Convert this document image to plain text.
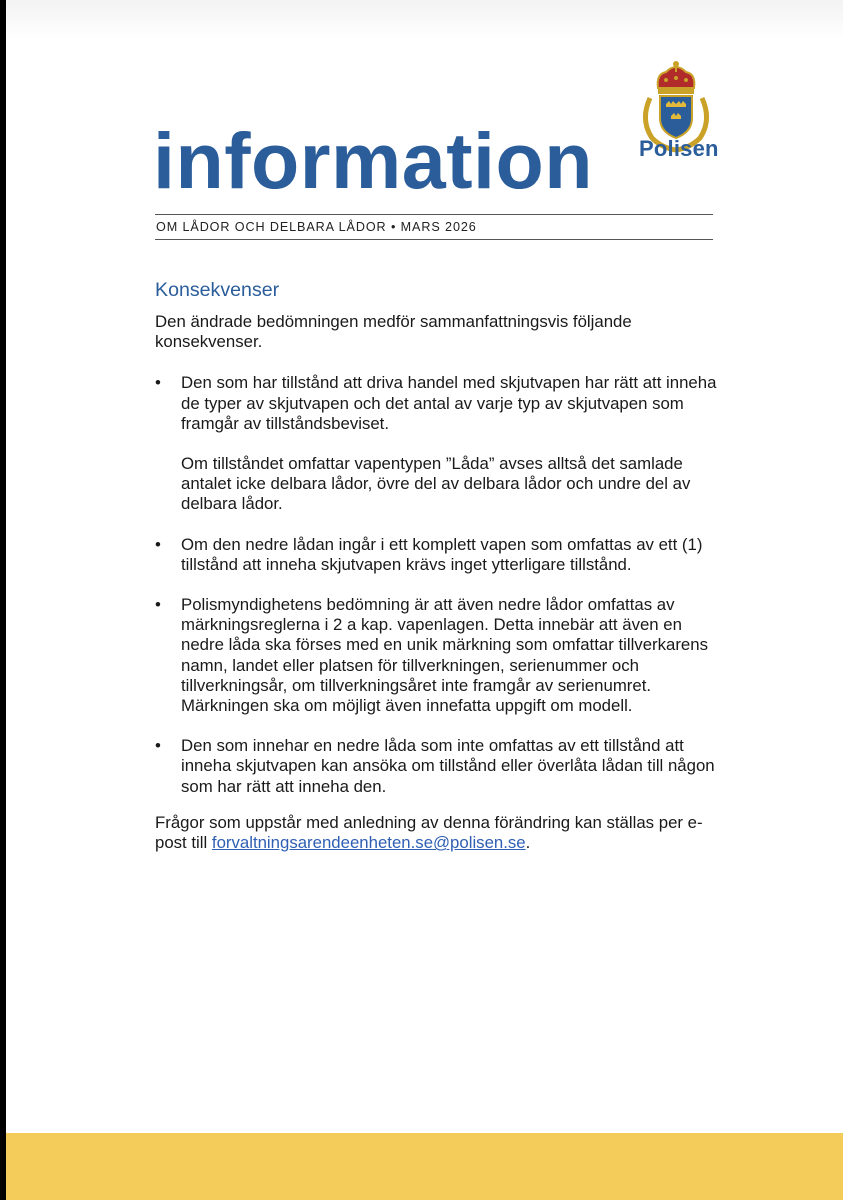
information Polisen
OM LÅDOR OCH DELBARA LÅDOR • MARS 2026
Konsekvenser

Den ändrade bedömningen medför sammanfattningsvis följande konsekvenser.

• Den som har tillstånd att driva handel med skjutvapen har rätt att inneha de typer av skjutvapen och det antal av varje typ av skjutvapen som framgår av tillståndsbeviset.

Om tillståndet omfattar vapentypen ”Låda” avses alltså det samlade antalet icke delbara lådor, övre del av delbara lådor och undre del av delbara lådor.

• Om den nedre lådan ingår i ett komplett vapen som omfattas av ett (1) tillstånd att inneha skjutvapen krävs inget ytterligare tillstånd.

• Polismyndighetens bedömning är att även nedre lådor omfattas av märkningsreglerna i 2 a kap. vapenlagen. Detta innebär att även en nedre låda ska förses med en unik märkning som omfattar tillverkarens namn, landet eller platsen för tillverkningen, serienummer och tillverkningsår, om tillverkningsåret inte framgår av serienumret. Märkningen ska om möjligt även innefatta uppgift om modell.

• Den som innehar en nedre låda som inte omfattas av ett tillstånd att inneha skjutvapen kan ansöka om tillstånd eller överlåta lådan till någon som har rätt att inneha den.

Frågor som uppstår med anledning av denna förändring kan ställas per e-post till forvaltningsarendeenheten.se@polisen.se.
